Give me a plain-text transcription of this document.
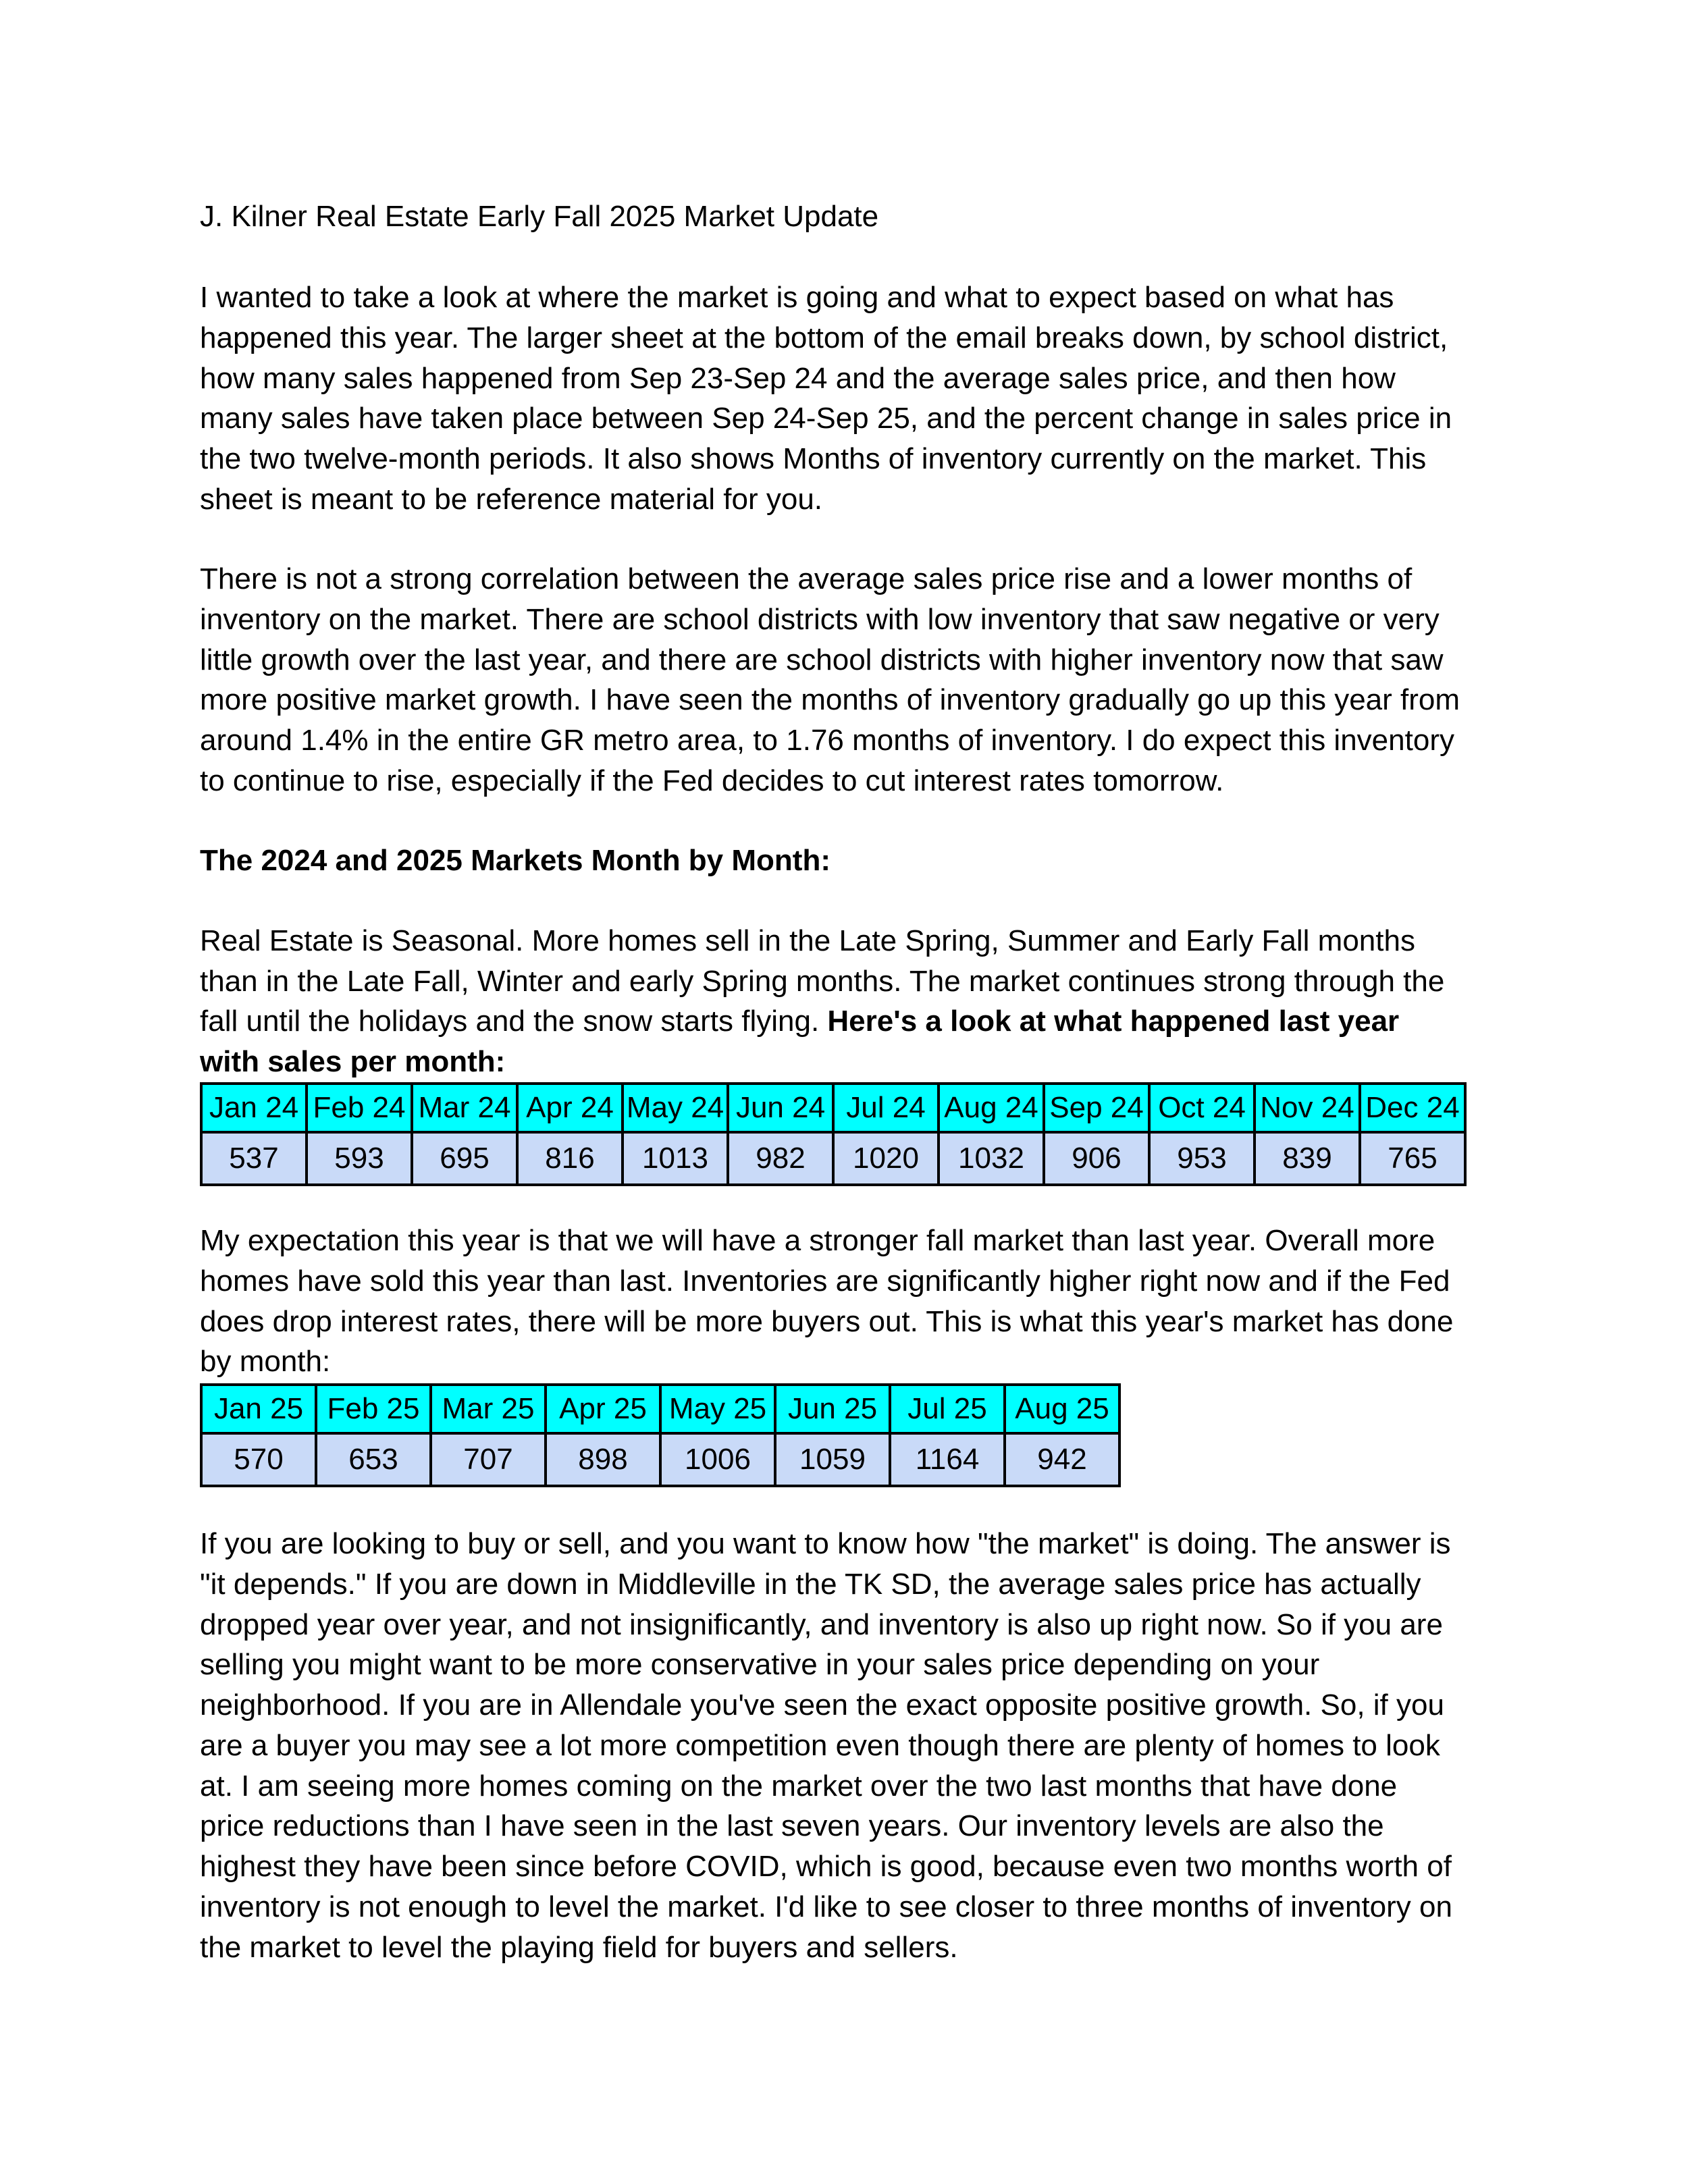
J. Kilner Real Estate Early Fall 2025 Market Update
I wanted to take a look at where the market is going and what to expect based on what has
happened this year. The larger sheet at the bottom of the email breaks down, by school district,
how many sales happened from Sep 23-Sep 24 and the average sales price, and then how
many sales have taken place between Sep 24-Sep 25, and the percent change in sales price in
the two twelve-month periods. It also shows Months of inventory currently on the market. This
sheet is meant to be reference material for you.
There is not a strong correlation between the average sales price rise and a lower months of
inventory on the market. There are school districts with low inventory that saw negative or very
little growth over the last year, and there are school districts with higher inventory now that saw
more positive market growth. I have seen the months of inventory gradually go up this year from
around 1.4% in the entire GR metro area, to 1.76 months of inventory. I do expect this inventory
to continue to rise, especially if the Fed decides to cut interest rates tomorrow.
The 2024 and 2025 Markets Month by Month:
Real Estate is Seasonal. More homes sell in the Late Spring, Summer and Early Fall months
than in the Late Fall, Winter and early Spring months. The market continues strong through the
fall until the holidays and the snow starts flying. Here's a look at what happened last year
with sales per month:
Jan 24	Feb 24	Mar 24	Apr 24	May 24	Jun 24	Jul 24	Aug 24	Sep 24	Oct 24	Nov 24	Dec 24
537	593	695	816	1013	982	1020	1032	906	953	839	765
My expectation this year is that we will have a stronger fall market than last year. Overall more
homes have sold this year than last. Inventories are significantly higher right now and if the Fed
does drop interest rates, there will be more buyers out. This is what this year's market has done
by month:
Jan 25	Feb 25	Mar 25	Apr 25	May 25	Jun 25	Jul 25	Aug 25
570	653	707	898	1006	1059	1164	942
If you are looking to buy or sell, and you want to know how "the market" is doing. The answer is
"it depends." If you are down in Middleville in the TK SD, the average sales price has actually
dropped year over year, and not insignificantly, and inventory is also up right now. So if you are
selling you might want to be more conservative in your sales price depending on your
neighborhood. If you are in Allendale you've seen the exact opposite positive growth. So, if you
are a buyer you may see a lot more competition even though there are plenty of homes to look
at. I am seeing more homes coming on the market over the two last months that have done
price reductions than I have seen in the last seven years. Our inventory levels are also the
highest they have been since before COVID, which is good, because even two months worth of
inventory is not enough to level the market. I'd like to see closer to three months of inventory on
the market to level the playing field for buyers and sellers.
